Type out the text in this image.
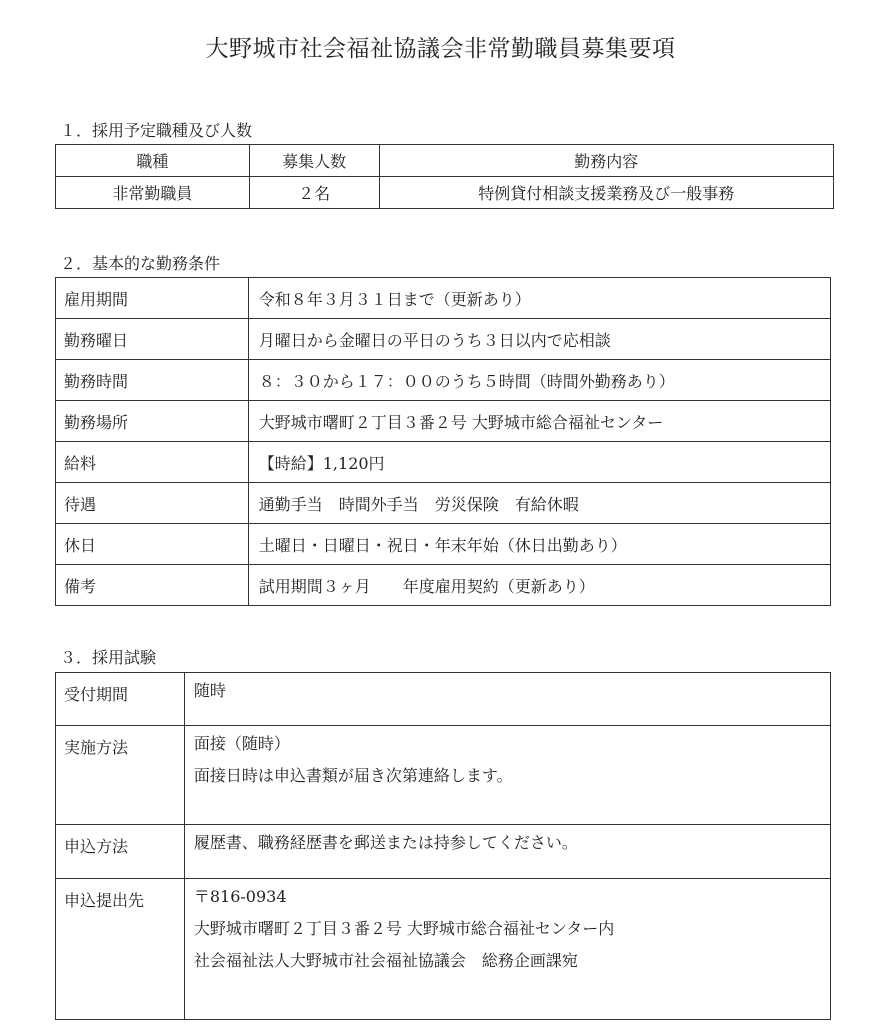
大野城市社会福祉協議会非常勤職員募集要項
１．採用予定職種及び人数
職種	募集人数	勤務内容
非常勤職員	２名	特例貸付相談支援業務及び一般事務
２．基本的な勤務条件
雇用期間	令和８年３月３１日まで（更新あり）
勤務曜日	月曜日から金曜日の平日のうち３日以内で応相談
勤務時間	８：３０から１７：００のうち５時間（時間外勤務あり）
勤務場所	大野城市曙町２丁目３番２号 大野城市総合福祉センター
給料	【時給】1,120円
待遇	通勤手当　時間外手当　労災保険　有給休暇
休日	土曜日・日曜日・祝日・年末年始（休日出勤あり）
備考	試用期間３ヶ月　　年度雇用契約（更新あり）
３．採用試験
受付期間	随時

実施方法	面接（随時）
面接日時は申込書類が届き次第連絡します。

申込方法	履歴書、職務経歴書を郵送または持参してください。

申込提出先	〒816-0934
大野城市曙町２丁目３番２号 大野城市総合福祉センター内
社会福祉法人大野城市社会福祉協議会　総務企画課宛
